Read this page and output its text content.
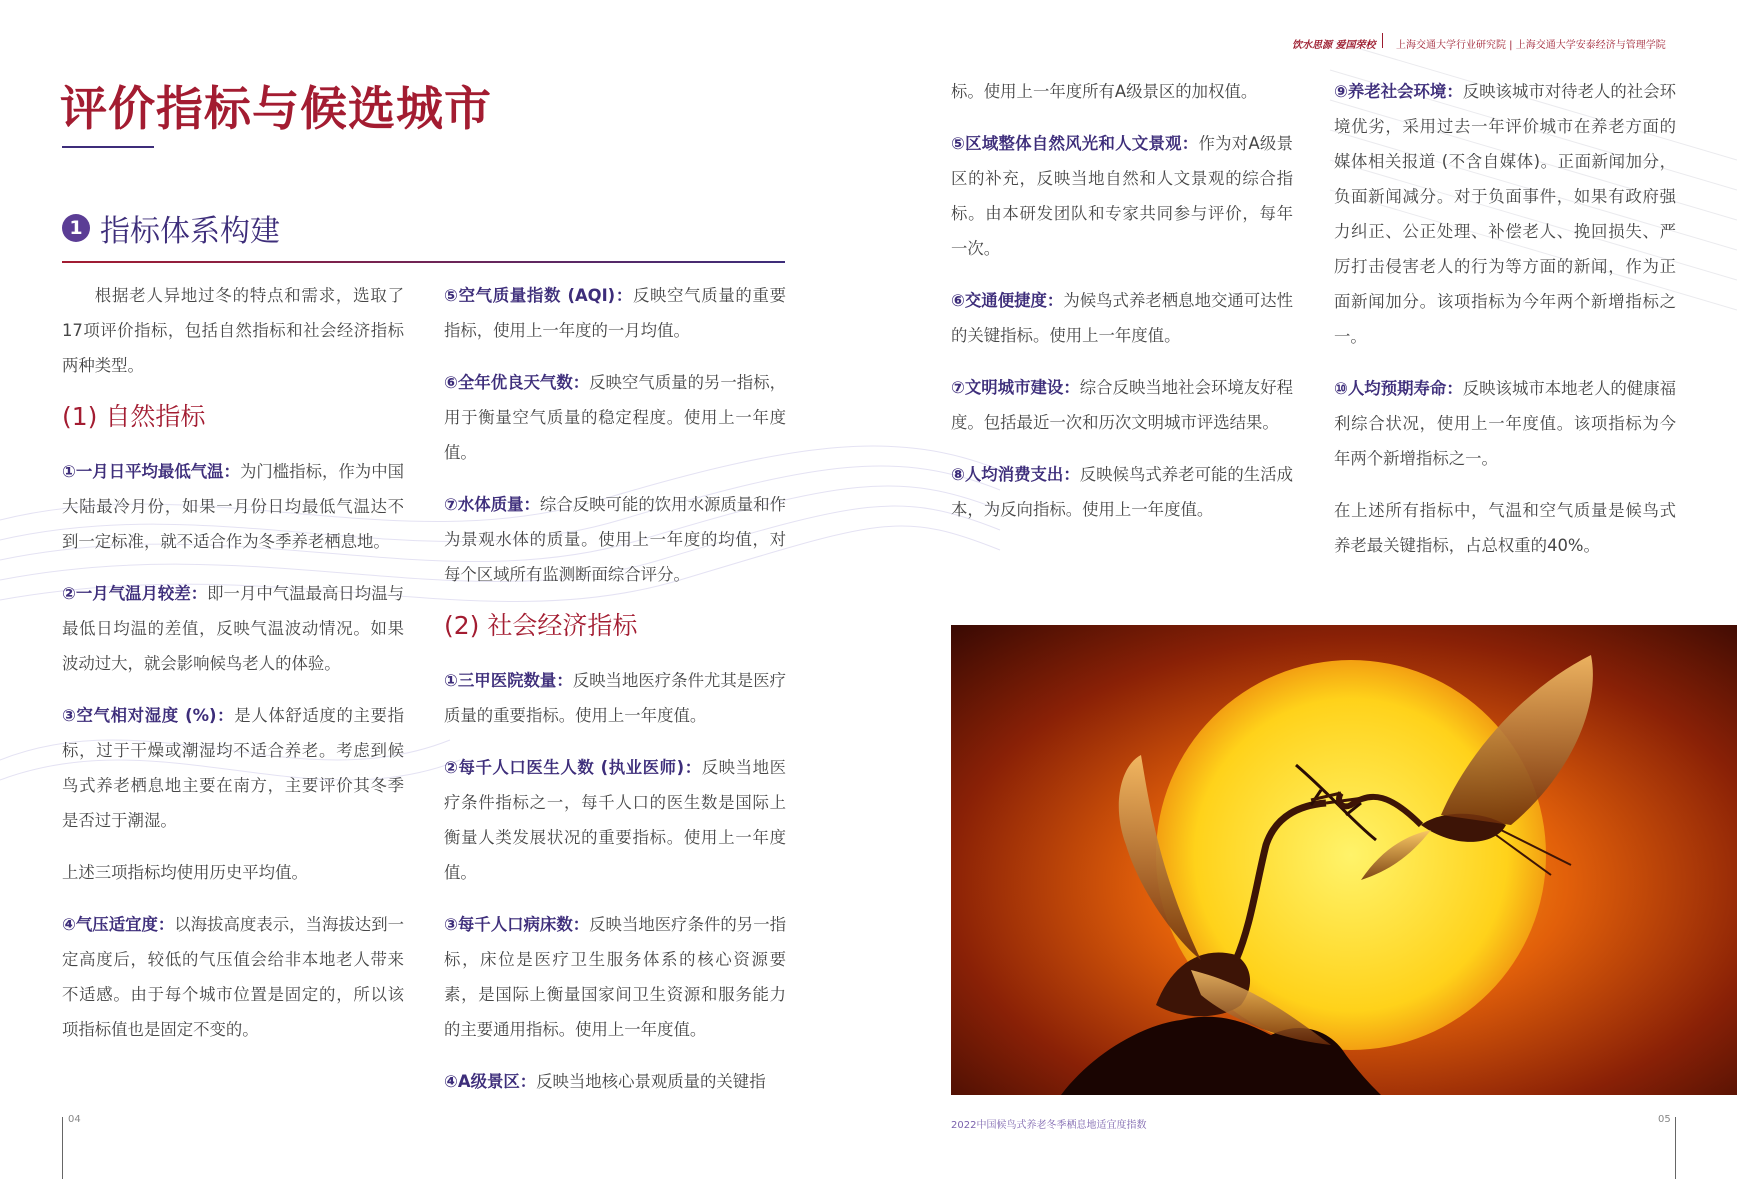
饮水思源 爱国荣校 上海交通大学行业研究院 | 上海交通大学安泰经济与管理学院
评价指标与候选城市
1 指标体系构建

根据老人异地过冬的特点和需求，选取了17项评价指标，包括自然指标和社会经济指标两种类型。

(1) 自然指标

①一月日平均最低气温：为门槛指标，作为中国大陆最冷月份，如果一月份日均最低气温达不到一定标准，就不适合作为冬季养老栖息地。

②一月气温月较差：即一月中气温最高日均温与最低日均温的差值，反映气温波动情况。如果波动过大，就会影响候鸟老人的体验。

③空气相对湿度 (%)：是人体舒适度的主要指标，过于干燥或潮湿均不适合养老。考虑到候鸟式养老栖息地主要在南方，主要评价其冬季是否过于潮湿。

上述三项指标均使用历史平均值。

④气压适宜度：以海拔高度表示，当海拔达到一定高度后，较低的气压值会给非本地老人带来不适感。由于每个城市位置是固定的，所以该项指标值也是固定不变的。

⑤空气质量指数 (AQI)：反映空气质量的重要指标，使用上一年度的一月均值。

⑥全年优良天气数：反映空气质量的另一指标，用于衡量空气质量的稳定程度。使用上一年度值。

⑦水体质量：综合反映可能的饮用水源质量和作为景观水体的质量。使用上一年度的均值，对每个区域所有监测断面综合评分。

(2) 社会经济指标

①三甲医院数量：反映当地医疗条件尤其是医疗质量的重要指标。使用上一年度值。

②每千人口医生人数 (执业医师)：反映当地医疗条件指标之一，每千人口的医生数是国际上衡量人类发展状况的重要指标。使用上一年度值。

③每千人口病床数：反映当地医疗条件的另一指标，床位是医疗卫生服务体系的核心资源要素，是国际上衡量国家间卫生资源和服务能力的主要通用指标。使用上一年度值。

④A级景区：反映当地核心景观质量的关键指

标。使用上一年度所有A级景区的加权值。

⑤区域整体自然风光和人文景观：作为对A级景区的补充，反映当地自然和人文景观的综合指标。由本研发团队和专家共同参与评价，每年一次。

⑥交通便捷度：为候鸟式养老栖息地交通可达性的关键指标。使用上一年度值。

⑦文明城市建设：综合反映当地社会环境友好程度。包括最近一次和历次文明城市评选结果。

⑧人均消费支出：反映候鸟式养老可能的生活成本，为反向指标。使用上一年度值。

⑨养老社会环境：反映该城市对待老人的社会环境优劣，采用过去一年评价城市在养老方面的媒体相关报道 (不含自媒体)。正面新闻加分，负面新闻减分。对于负面事件，如果有政府强力纠正、公正处理、补偿老人、挽回损失、严厉打击侵害老人的行为等方面的新闻，作为正面新闻加分。该项指标为今年两个新增指标之一。

⑩人均预期寿命：反映该城市本地老人的健康福利综合状况，使用上一年度值。该项指标为今年两个新增指标之一。

在上述所有指标中，气温和空气质量是候鸟式养老最关键指标，占总权重的40%。

04
2022中国候鸟式养老冬季栖息地适宜度指数
05
